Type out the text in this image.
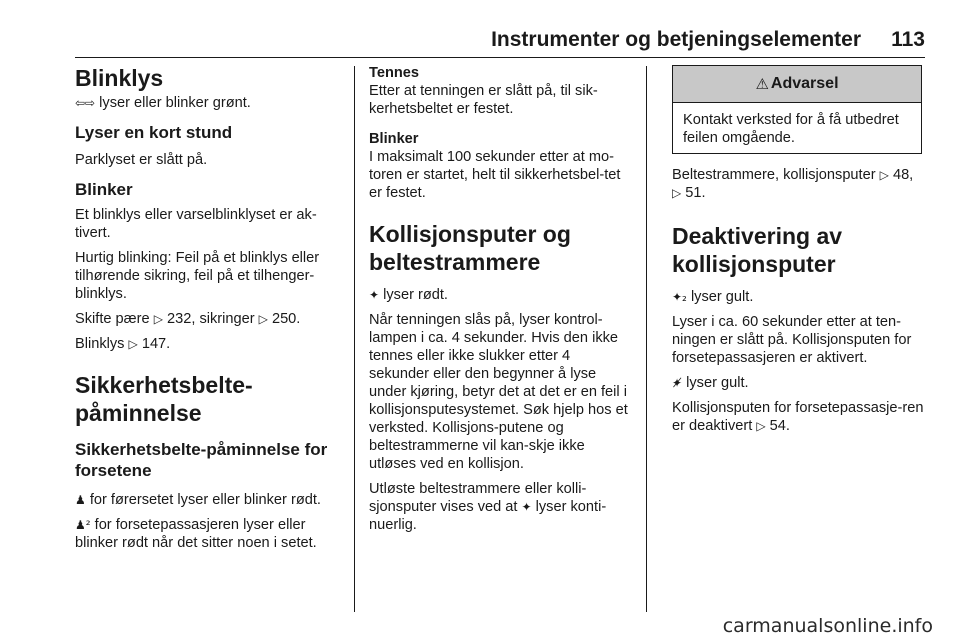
Instrumenter og betjeningselementer 113
Blinklys

⇦⇨ lyser eller blinker grønt.

Lyser en kort stund

Parklyset er slått på.

Blinker

Et blinklys eller varselblinklyset er ak-tivert.

Hurtig blinking: Feil på et blinklys eller tilhørende sikring, feil på et tilhenger-blinklys.

Skifte pære ▷ 232, sikringer ▷ 250.

Blinklys ▷ 147.

Sikkerhetsbelte-
påminnelse
Sikkerhetsbelte-påminnelse for forsetene

♟ for førersetet lyser eller blinker rødt.

♟² for forsetepassasjeren lyser eller blinker rødt når det sitter noen i setet.

Tennes

Etter at tenningen er slått på, til sik-kerhetsbeltet er festet.

Blinker

I maksimalt 100 sekunder etter at mo-toren er startet, helt til sikkerhetsbel-tet er festet.

Kollisjonsputer og
beltestrammere

✦ lyser rødt.

Når tenningen slås på, lyser kontrol-lampen i ca. 4 sekunder. Hvis den ikke tennes eller ikke slukker etter 4 sekunder eller den begynner å lyse under kjøring, betyr det at det er en feil i kollisjonsputesystemet. Søk hjelp hos et verksted. Kollisjons-putene og beltestrammerne vil kan-skje ikke utløses ved en kollisjon.

Utløste beltestrammere eller kolli-sjonsputer vises ved at ✦ lyser konti-nuerlig.

⚠ Advarsel
Kontakt verksted for å få utbedret feilen omgående.

Beltestrammere, kollisjonsputer ▷ 48, ▷ 51.

Deaktivering av
kollisjonsputer

✦₂ lyser gult.

Lyser i ca. 60 sekunder etter at ten-ningen er slått på. Kollisjonsputen for forsetepassasjeren er aktivert.

✦̸ lyser gult.

Kollisjonsputen for forsetepassasje-ren er deaktivert ▷ 54.

carmanualsonline.info
